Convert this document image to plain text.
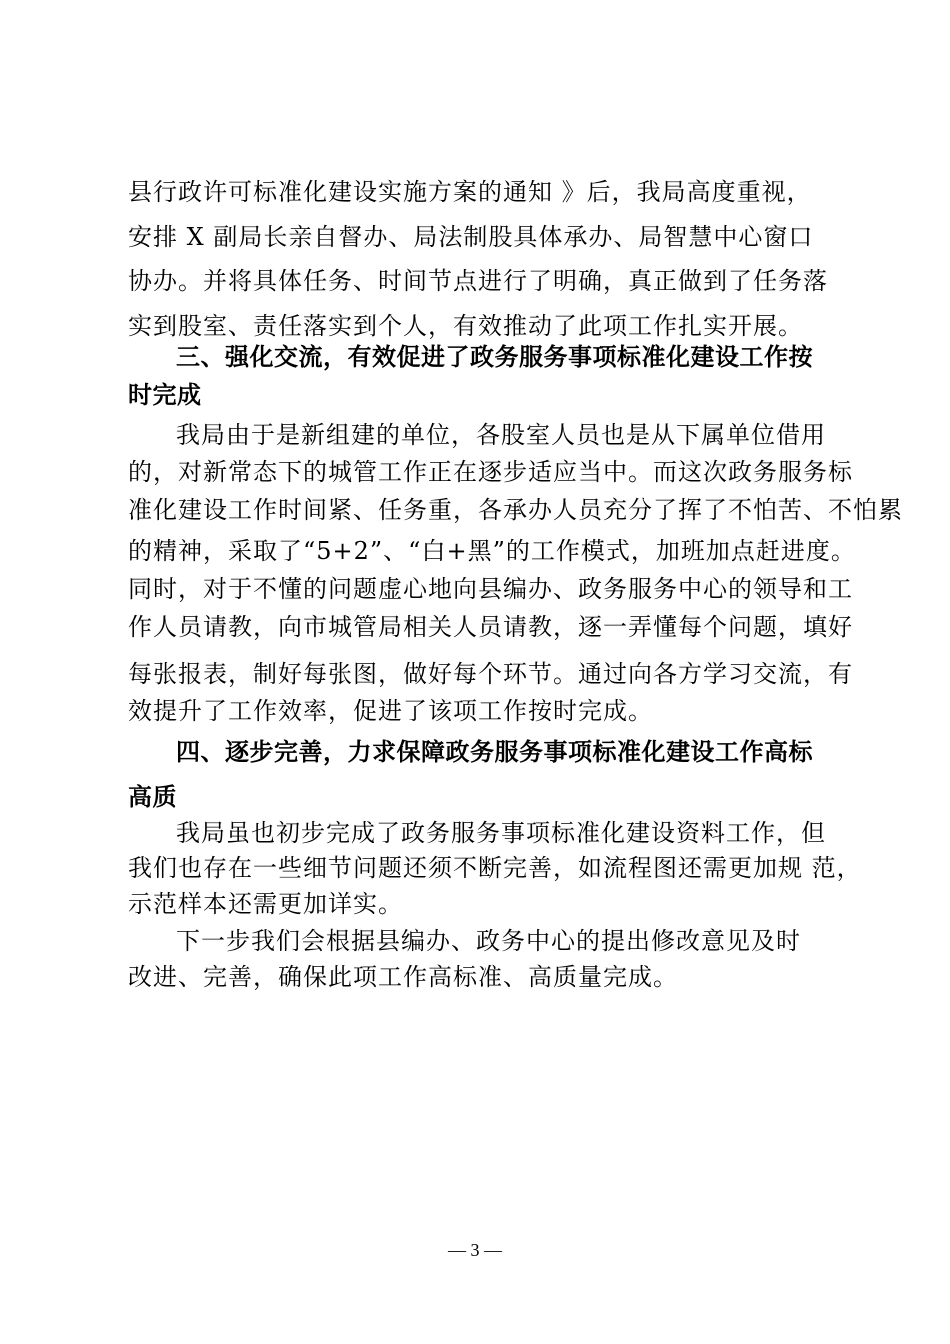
县行政许可标准化建设实施方案的通知 》后，我局高度重视，

安排 X 副局长亲自督办、局法制股具体承办、局智慧中心窗口

协办。并将具体任务、时间节点进行了明确，真正做到了任务落

实到股室、责任落实到个人，有效推动了此项工作扎实开展。

三、强化交流，有效促进了政务服务事项标准化建设工作按

时完成

我局由于是新组建的单位，各股室人员也是从下属单位借用

的，对新常态下的城管工作正在逐步适应当中。而这次政务服务标

准化建设工作时间紧、任务重，各承办人员充分了挥了不怕苦、不怕累

的精神，采取了“5+2”、“白+黑”的工作模式，加班加点赶进度。

同时，对于不懂的问题虚心地向县编办、政务服务中心的领导和工

作人员请教，向市城管局相关人员请教，逐一弄懂每个问题，填好

每张报表，制好每张图，做好每个环节。通过向各方学习交流，有

效提升了工作效率，促进了该项工作按时完成。

四、逐步完善，力求保障政务服务事项标准化建设工作高标

高质

我局虽也初步完成了政务服务事项标准化建设资料工作，但

我们也存在一些细节问题还须不断完善，如流程图还需更加规 范，

示范样本还需更加详实。

下一步我们会根据县编办、政务中心的提出修改意见及时

改进、完善，确保此项工作高标准、高质量完成。

— 3 —
